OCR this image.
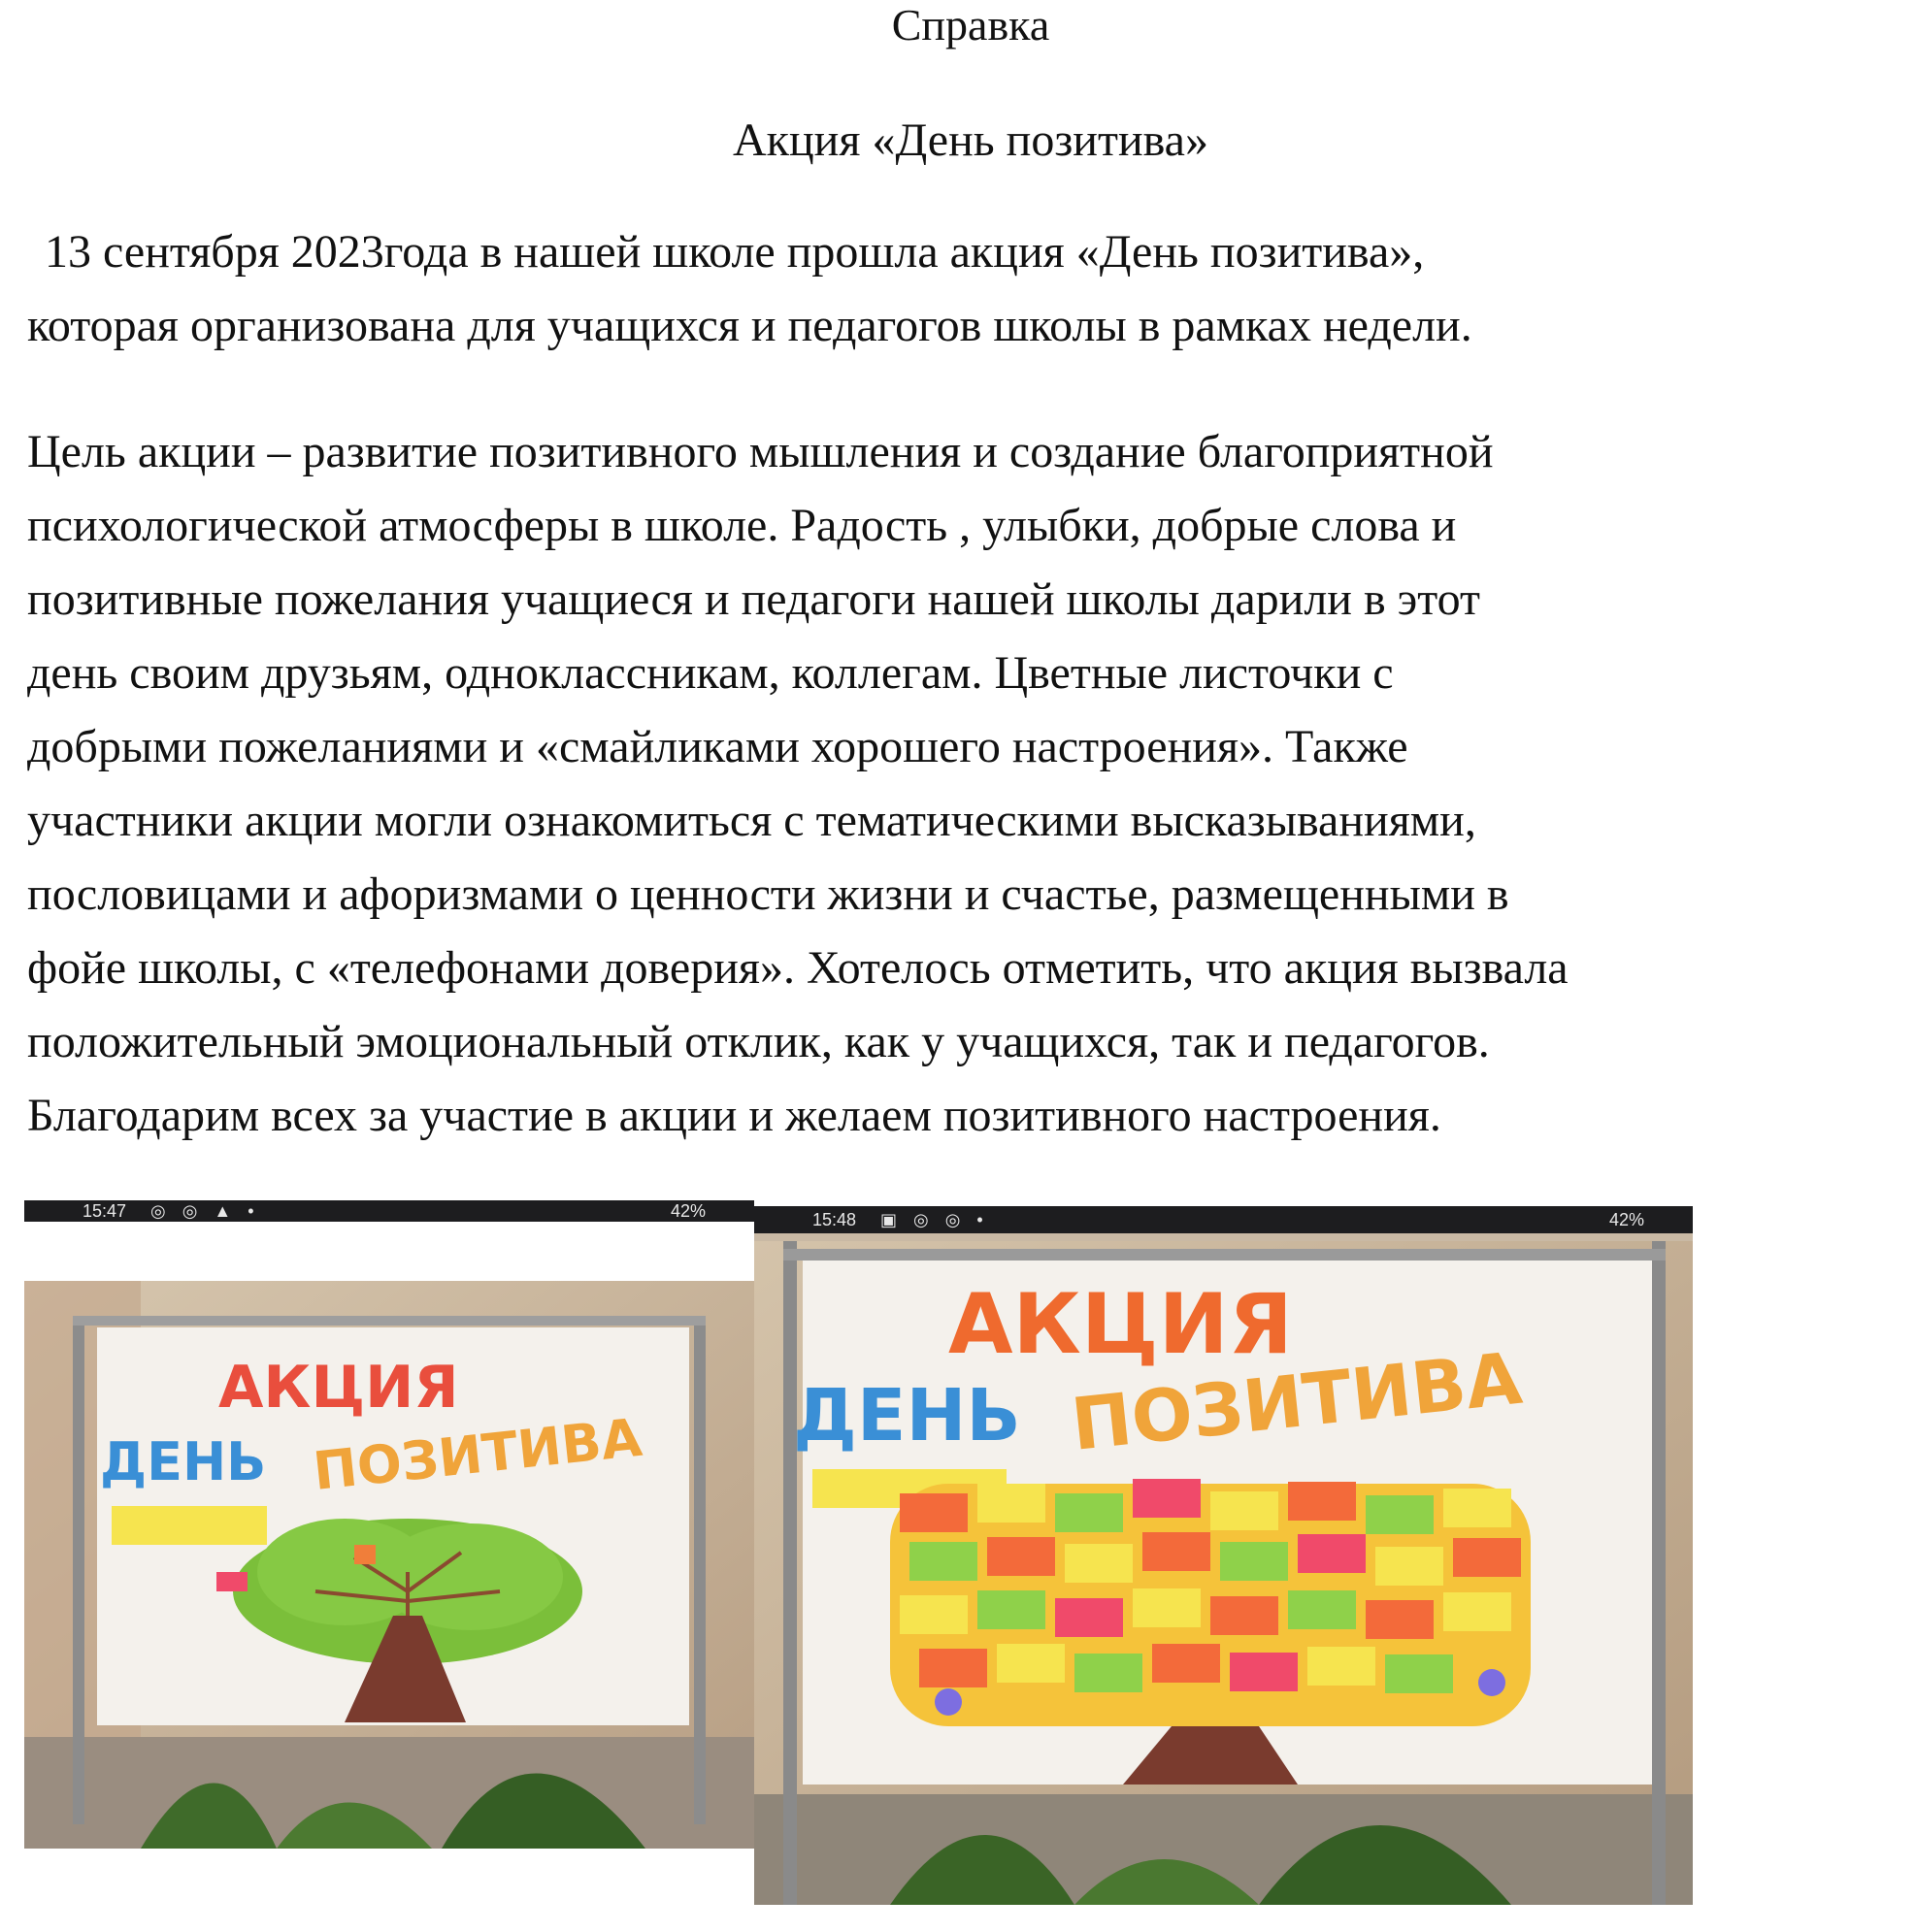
Справка
Акция «День позитива»

13 сентября 2023года в нашей школе прошла акция «День позитива»,
которая организована для учащихся и педагогов школы в рамках недели.

Цель акции – развитие позитивного мышления и создание благоприятной
психологической атмосферы в школе. Радость , улыбки, добрые слова и
позитивные пожелания учащиеся и педагоги нашей школы дарили в этот
день своим друзьям, одноклассникам, коллегам. Цветные листочки с
добрыми пожеланиями и «смайликами хорошего настроения». Также
участники акции могли ознакомиться с тематическими высказываниями,
пословицами и афоризмами о ценности жизни и счастье, размещенными в
фойе школы, с «телефонами доверия». Хотелось отметить, что акция вызвала
положительный эмоциональный отклик, как у учащихся, так и педагогов.
Благодарим всех за участие в акции и желаем позитивного настроения.

15:47 ◎ ◎ ▲ •	42%
АКЦИЯ
ДЕНЬ ПОЗИТИВА
15:48 ▣ ◎ ◎ •	42%
АКЦИЯ
ДЕНЬ ПОЗИТИВА
